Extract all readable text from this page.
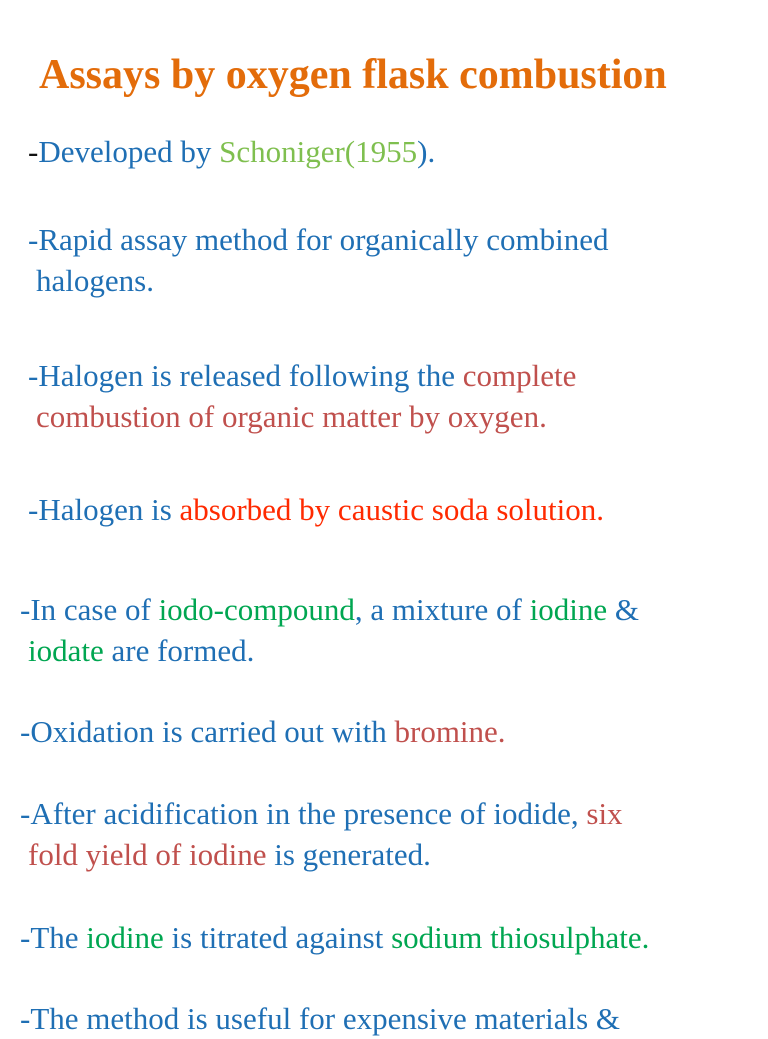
Assays by oxygen flask combustion

-Developed by Schoniger(1955).

-Rapid assay method for organically combined
halogens.

-Halogen is released following the complete
combustion of organic matter by oxygen.

-Halogen is absorbed by caustic soda solution.

-In case of iodo-compound, a mixture of iodine &
iodate are formed.

-Oxidation is carried out with bromine.

-After acidification in the presence of iodide, six
fold yield of iodine is generated.

-The iodine is titrated against sodium thiosulphate.

-The method is useful for expensive materials &
